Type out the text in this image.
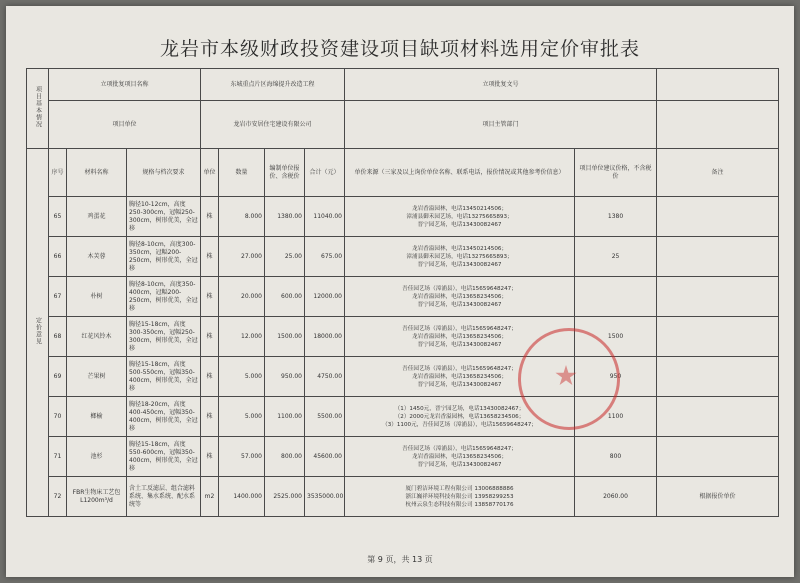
龙岩市本级财政投资建设项目缺项材料选用定价审批表
项目基本情况	立项批复项目名称			东城重点片区海绵提升改造工程				立项批复文号		
	项目单位			龙岩市安居住宅建设有限公司				项目主管部门		
定价意见	序号	材料名称	规格与档次要求	单位	数量	编制单位报价、含税价	合计（元）	单价来源（三家及以上询价单位名称、联系电话，报价情况或其他参考价信息）	项目单位建议价格，不含税价	备注
	65	鸡蛋花	胸径10-12cm，高度250-300cm，冠幅250-300cm，树形优美，全冠移	株	8.000	1380.00	11040.00	龙岩香溢园林，电话13450214506；
漳浦县御禾园艺场，电话13275665893；
晋宁园艺场，电话13430082467	1380	
	66	木芙蓉	胸径8-10cm，高度300-350cm，冠幅200-250cm，树形优美，全冠移	株	27.000	25.00	675.00	龙岩香溢园林，电话13450214506；
漳浦县御禾园艺场，电话13275665893；
晋宁园艺场，电话13430082467	25	
	67	朴树	胸径8-10cm，高度350-400cm，冠幅200-250cm，树形优美，全冠移	株	20.000	600.00	12000.00	吾佳园艺场（漳浦县），电话15659648247；
龙岩香溢园林，电话13658234506；
晋宁园艺场，电话13430082467		
	68	红花风铃木	胸径15-18cm，高度300-350cm，冠幅250-300cm，树形优美，全冠移	株	12.000	1500.00	18000.00	吾佳园艺场（漳浦县），电话15659648247；
龙岩香溢园林，电话13658234506；
晋宁园艺场，电话13430082467	1500	
	69	芒果树	胸径15-18cm，高度500-550cm，冠幅350-400cm，树形优美，全冠移	株	5.000	950.00	4750.00	吾佳园艺场（漳浦县），电话15659648247；
龙岩香溢园林，电话13658234506；
晋宁园艺场，电话13430082467	950	
	70	榔榆	胸径18-20cm，高度400-450cm，冠幅350-400cm，树形优美，全冠移	株	5.000	1100.00	5500.00	（1）1450元，晋宁园艺场，电话13430082467；
（2）2000元龙岩香溢园林，电话13658234506；
（3）1100元，吾佳园艺场（漳浦县），电话15659648247；	1100	
	71	池杉	胸径15-18cm，高度550-600cm，冠幅350-400cm，树形优美，全冠移	株	57.000	800.00	45600.00	吾佳园艺场（漳浦县），电话15659648247；
龙岩香溢园林，电话13658234506；
晋宁园艺场，电话13430082467	800	
	72	FBR生物床工艺包L1200m³/d	含土工反滤层、组合滤料系统、集水系统、配水系统等	m2	1400.000	2525.000	3535000.00	厦门碧洁环境工程有限公司 13006888886
浙江巍祥环境科技有限公司 13958299253
杭州云泉生态科技有限公司 13858770176	2060.00	根据报价单价
第 9 页，共 13 页
